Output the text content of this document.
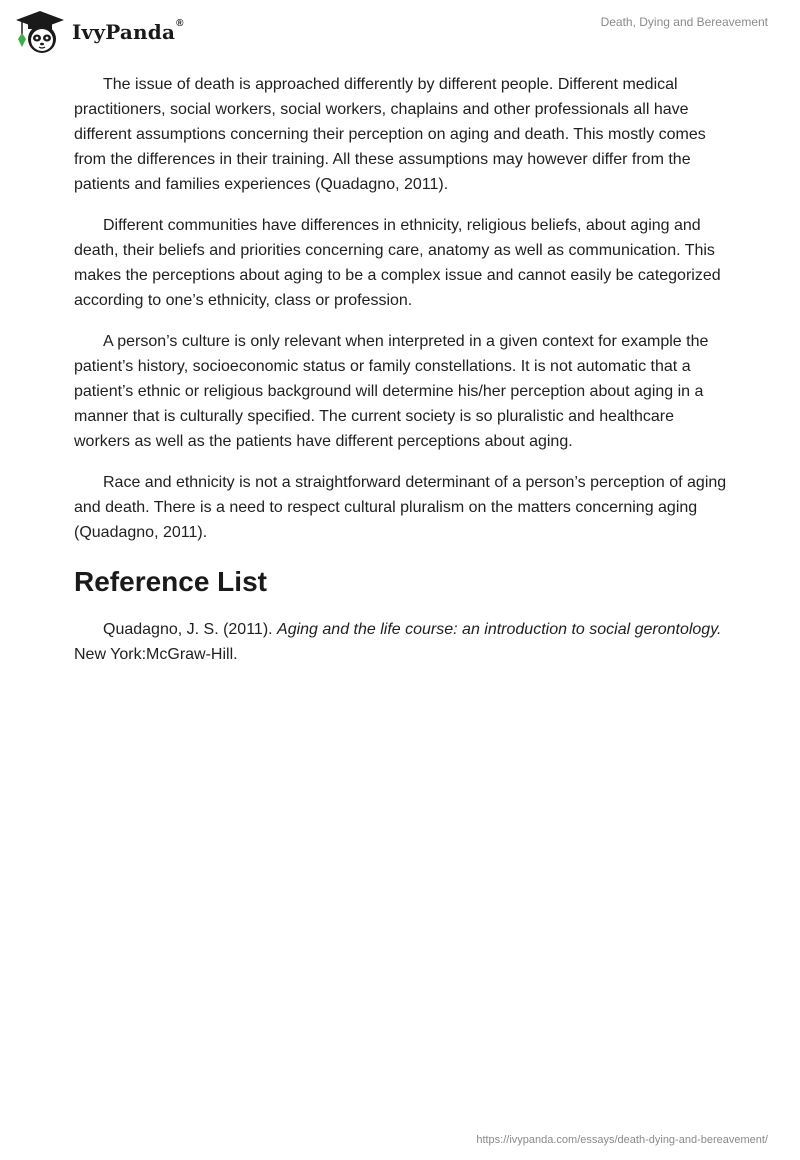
IvyPanda®	Death, Dying and Bereavement

The issue of death is approached differently by different people. Different medical practitioners, social workers, social workers, chaplains and other professionals all have different assumptions concerning their perception on aging and death. This mostly comes from the differences in their training. All these assumptions may however differ from the patients and families experiences (Quadagno, 2011).

Different communities have differences in ethnicity, religious beliefs, about aging and death, their beliefs and priorities concerning care, anatomy as well as communication. This makes the perceptions about aging to be a complex issue and cannot easily be categorized according to one’s ethnicity, class or profession.

A person’s culture is only relevant when interpreted in a given context for example the patient’s history, socioeconomic status or family constellations. It is not automatic that a patient’s ethnic or religious background will determine his/her perception about aging in a manner that is culturally specified. The current society is so pluralistic and healthcare workers as well as the patients have different perceptions about aging.

Race and ethnicity is not a straightforward determinant of a person’s perception of aging and death. There is a need to respect cultural pluralism on the matters concerning aging (Quadagno, 2011).

Reference List

Quadagno, J. S. (2011). Aging and the life course: an introduction to social gerontology. New York:McGraw-Hill.

https://ivypanda.com/essays/death-dying-and-bereavement/
